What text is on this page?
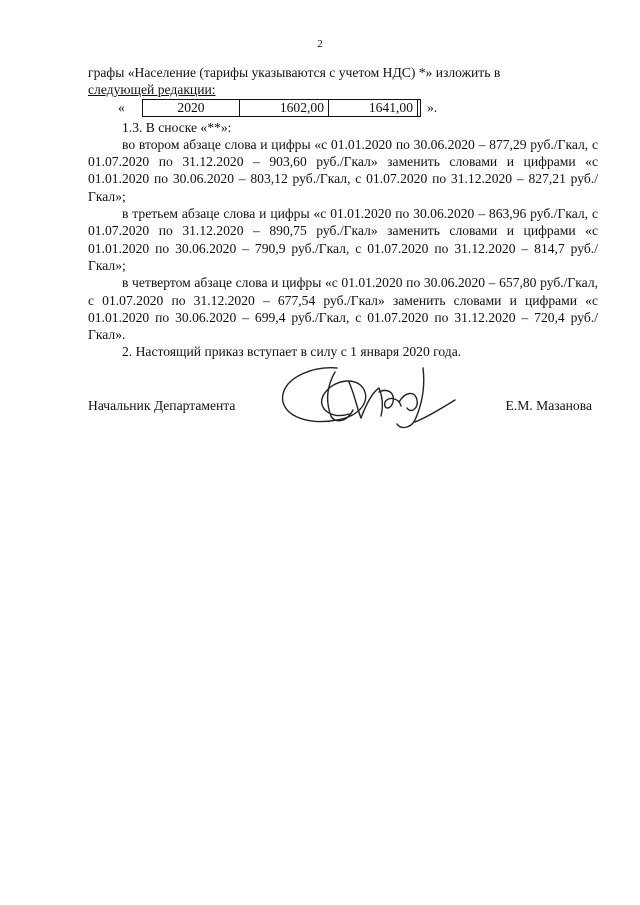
2

графы «Население (тарифы указываются с учетом НДС) *» изложить в

следующей редакции:

«	2020	1602,00	1641,00	».

1.3. В сноске «**»:

во втором абзаце слова и цифры «с 01.01.2020 по 30.06.2020 – 877,29 руб./Гкал, с 01.07.2020 по 31.12.2020 – 903,60 руб./Гкал» заменить словами и цифрами «с 01.01.2020 по 30.06.2020 – 803,12 руб./Гкал, с 01.07.2020 по 31.12.2020 – 827,21 руб./Гкал»;

в третьем абзаце слова и цифры «с 01.01.2020 по 30.06.2020 – 863,96 руб./Гкал, с 01.07.2020 по 31.12.2020 – 890,75 руб./Гкал» заменить словами и цифрами «с 01.01.2020 по 30.06.2020 – 790,9 руб./Гкал, с 01.07.2020 по 31.12.2020 – 814,7 руб./Гкал»;

в четвертом абзаце слова и цифры «с 01.01.2020 по 30.06.2020 – 657,80 руб./Гкал, с 01.07.2020 по 31.12.2020 – 677,54 руб./Гкал» заменить словами и цифрами «с 01.01.2020 по 30.06.2020 – 699,4 руб./Гкал, с 01.07.2020 по 31.12.2020 – 720,4 руб./Гкал».

2. Настоящий приказ вступает в силу с 1 января 2020 года.

Начальник Департамента	Е.М. Мазанова
